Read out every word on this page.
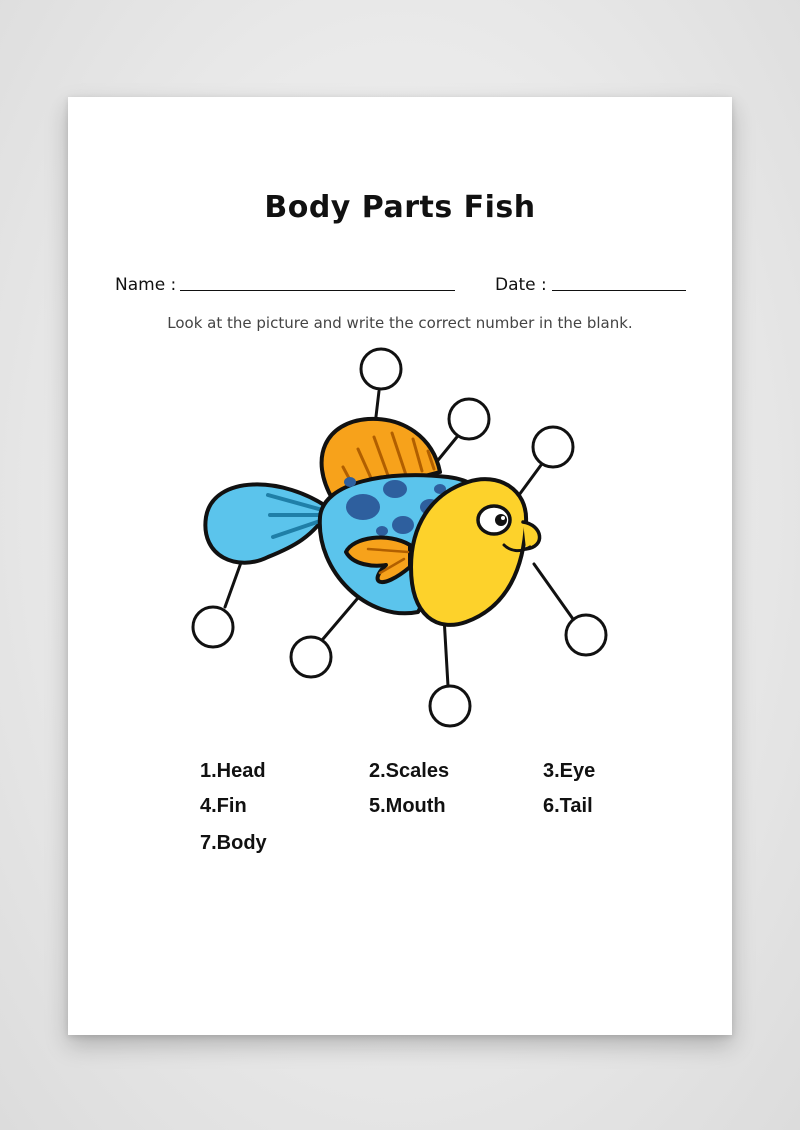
Body Parts Fish
Name :	Date :
Look at the picture and write the correct number in the blank.
1.Head	2.Scales	3.Eye
4.Fin	5.Mouth	6.Tail
7.Body
